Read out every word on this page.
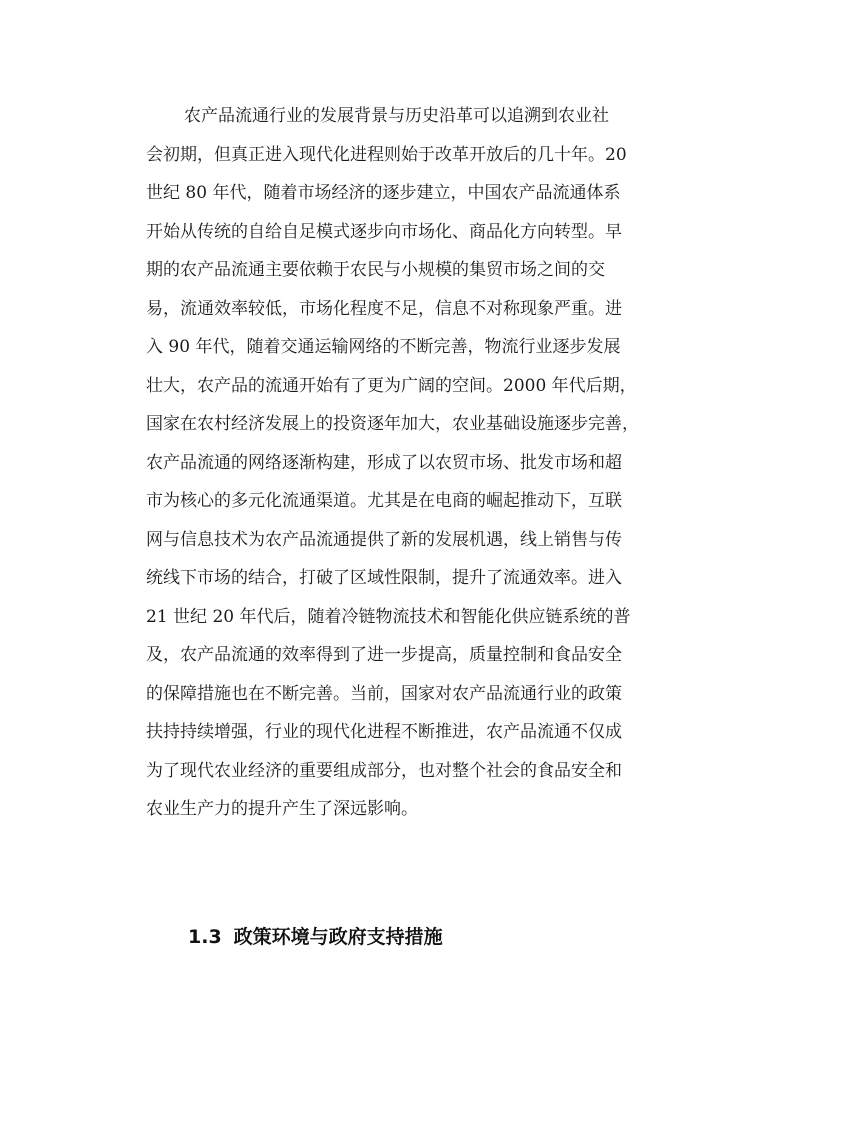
农产品流通行业的发展背景与历史沿革可以追溯到农业社
会初期，但真正进入现代化进程则始于改革开放后的几十年。20
世纪 80 年代，随着市场经济的逐步建立，中国农产品流通体系
开始从传统的自给自足模式逐步向市场化、商品化方向转型。早
期的农产品流通主要依赖于农民与小规模的集贸市场之间的交
易，流通效率较低，市场化程度不足，信息不对称现象严重。进
入 90 年代，随着交通运输网络的不断完善，物流行业逐步发展
壮大，农产品的流通开始有了更为广阔的空间。2000 年代后期，
国家在农村经济发展上的投资逐年加大，农业基础设施逐步完善，
农产品流通的网络逐渐构建，形成了以农贸市场、批发市场和超
市为核心的多元化流通渠道。尤其是在电商的崛起推动下，互联
网与信息技术为农产品流通提供了新的发展机遇，线上销售与传
统线下市场的结合，打破了区域性限制，提升了流通效率。进入
21 世纪 20 年代后，随着冷链物流技术和智能化供应链系统的普
及，农产品流通的效率得到了进一步提高，质量控制和食品安全
的保障措施也在不断完善。当前，国家对农产品流通行业的政策
扶持持续增强，行业的现代化进程不断推进，农产品流通不仅成
为了现代农业经济的重要组成部分，也对整个社会的食品安全和
农业生产力的提升产生了深远影响。
1.3 政策环境与政府支持措施
